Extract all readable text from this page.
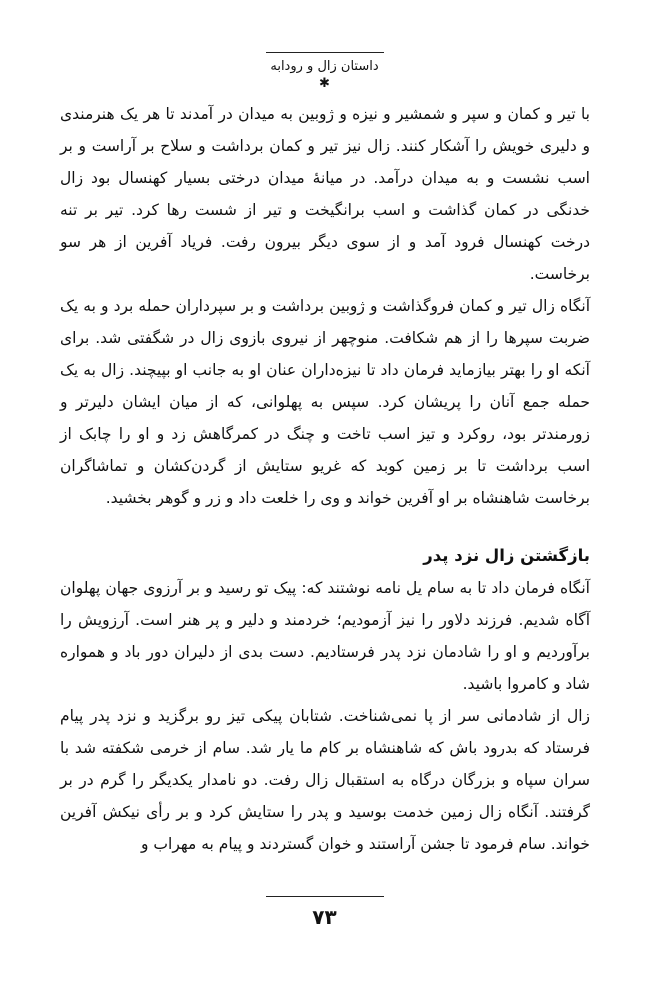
داستان زال و رودابه
✱

با تیر و کمان و سپر و شمشیر و نیزه و ژوبین به میدان در آمدند تا هر یک هنرمندی و دلیری خویش را آشکار کنند. زال نیز تیر و کمان برداشت و سلاح بر آراست و بر اسب نشست و به میدان درآمد. در میانهٔ میدان درختی بسیار کهنسال بود زال خدنگی در کمان گذاشت و اسب برانگیخت و تیر از شست رها کرد. تیر بر تنه درخت کهنسال فرود آمد و از سوی دیگر بیرون رفت. فریاد آفرین از هر سو برخاست.

آنگاه زال تیر و کمان فروگذاشت و ژوبین برداشت و بر سپرداران حمله برد و به یک ضربت سپرها را از هم شکافت. منوچهر از نیروی بازوی زال در شگفتی شد. برای آنکه او را بهتر بیازماید فرمان داد تا نیزه‌داران عنان او به جانب او بپیچند. زال به یک حمله جمع آنان را پریشان کرد. سپس به پهلوانی، که از میان ایشان دلیرتر و زورمندتر بود، روکرد و تیز اسب تاخت و چنگ در کمرگاهش زد و او را چابک از اسب برداشت تا بر زمین کوبد که غریو ستایش از گردن‌کشان و تماشاگران برخاست شاهنشاه بر او آفرین خواند و وی را خلعت داد و زر و گوهر بخشید.

بازگشتن زال نزد پدر

آنگاه فرمان داد تا به سام یل نامه نوشتند که: پیک تو رسید و بر آرزوی جهان پهلوان آگاه شدیم. فرزند دلاور را نیز آزمودیم؛ خردمند و دلیر و پر هنر است. آرزویش را برآوردیم و او را شادمان نزد پدر فرستادیم. دست بدی از دلیران دور باد و همواره شاد و کامروا باشید.

زال از شادمانی سر از پا نمی‌شناخت. شتابان پیکی تیز رو برگزید و نزد پدر پیام فرستاد که بدرود باش که شاهنشاه بر کام ما یار شد. سام از خرمی شکفته شد با سران سپاه و بزرگان درگاه به استقبال زال رفت. دو نامدار یکدیگر را گرم در بر گرفتند. آنگاه زال زمین خدمت بوسید و پدر را ستایش کرد و بر رأی نیکش آفرین خواند. سام فرمود تا جشن آراستند و خوان گستردند و پیام به مهراب و

۷۳
